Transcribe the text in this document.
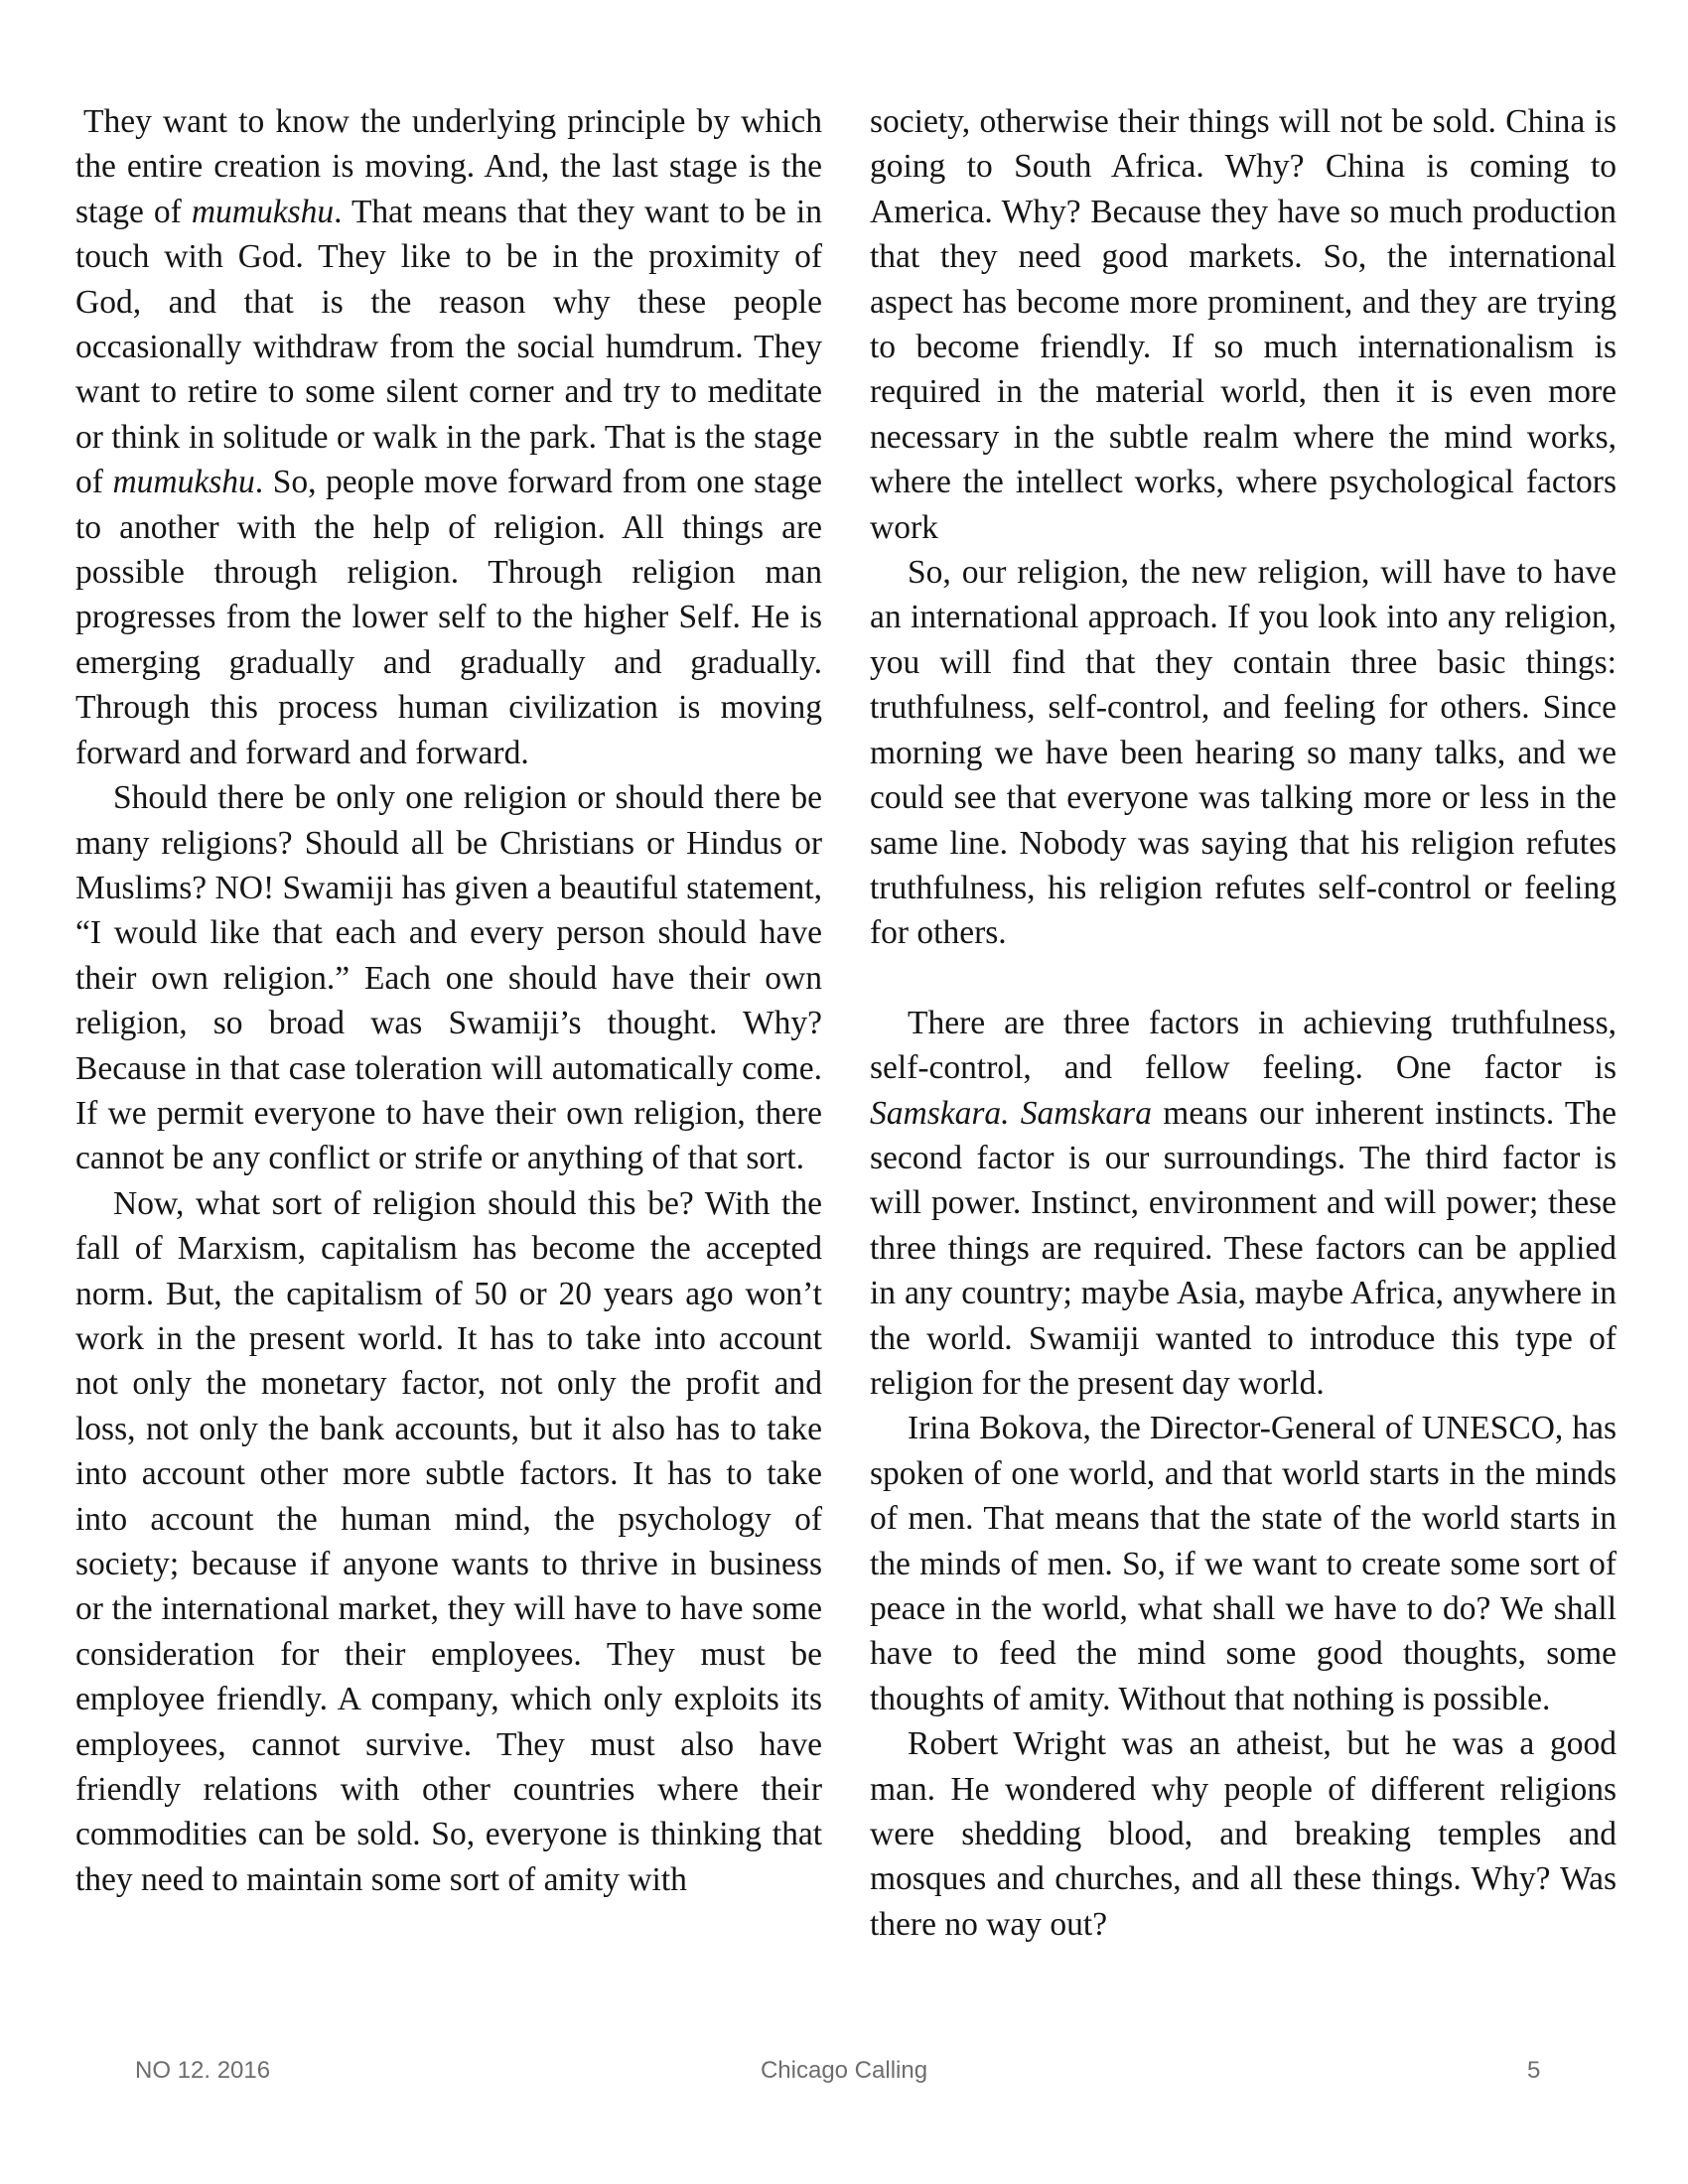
They want to know the underlying principle by which the entire creation is moving. And, the last stage is the stage of mumukshu. That means that they want to be in touch with God. They like to be in the proximity of God, and that is the reason why these people occasionally withdraw from the social humdrum. They want to retire to some silent corner and try to meditate or think in solitude or walk in the park. That is the stage of mumukshu. So, people move forward from one stage to another with the help of religion. All things are possible through religion. Through religion man progresses from the lower self to the higher Self. He is emerging gradually and gradually and gradually. Through this process human civilization is moving forward and forward and forward.

Should there be only one religion or should there be many religions? Should all be Christians or Hindus or Muslims? NO! Swamiji has given a beautiful statement, “I would like that each and every person should have their own religion.” Each one should have their own religion, so broad was Swamiji’s thought. Why? Because in that case toleration will automatically come. If we permit everyone to have their own religion, there cannot be any conflict or strife or anything of that sort.

Now, what sort of religion should this be? With the fall of Marxism, capitalism has become the accepted norm. But, the capitalism of 50 or 20 years ago won’t work in the present world. It has to take into account not only the monetary factor, not only the profit and loss, not only the bank accounts, but it also has to take into account other more subtle factors. It has to take into account the human mind, the psychology of society; because if anyone wants to thrive in business or the international market, they will have to have some consideration for their employees. They must be employee friendly. A company, which only exploits its employees, cannot survive. They must also have friendly relations with other countries where their commodities can be sold. So, everyone is thinking that they need to maintain some sort of amity with

society, otherwise their things will not be sold. China is going to South Africa. Why? China is coming to America. Why? Because they have so much production that they need good markets. So, the international aspect has become more prominent, and they are trying to become friendly. If so much internationalism is required in the material world, then it is even more necessary in the subtle realm where the mind works, where the intellect works, where psychological factors work

So, our religion, the new religion, will have to have an international approach. If you look into any religion, you will find that they contain three basic things: truthfulness, self-control, and feeling for others. Since morning we have been hearing so many talks, and we could see that everyone was talking more or less in the same line. Nobody was saying that his religion refutes truthfulness, his religion refutes self-control or feeling for others.

There are three factors in achieving truthfulness, self-control, and fellow feeling. One factor is Samskara. Samskara means our inherent instincts. The second factor is our surroundings. The third factor is will power. Instinct, environment and will power; these three things are required. These factors can be applied in any country; maybe Asia, maybe Africa, anywhere in the world. Swamiji wanted to introduce this type of religion for the present day world.

Irina Bokova, the Director-General of UNESCO, has spoken of one world, and that world starts in the minds of men. That means that the state of the world starts in the minds of men. So, if we want to create some sort of peace in the world, what shall we have to do? We shall have to feed the mind some good thoughts, some thoughts of amity. Without that nothing is possible.

Robert Wright was an atheist, but he was a good man. He wondered why people of different religions were shedding blood, and breaking temples and mosques and churches, and all these things. Why? Was there no way out?

NO 12. 2016	Chicago Calling	5
